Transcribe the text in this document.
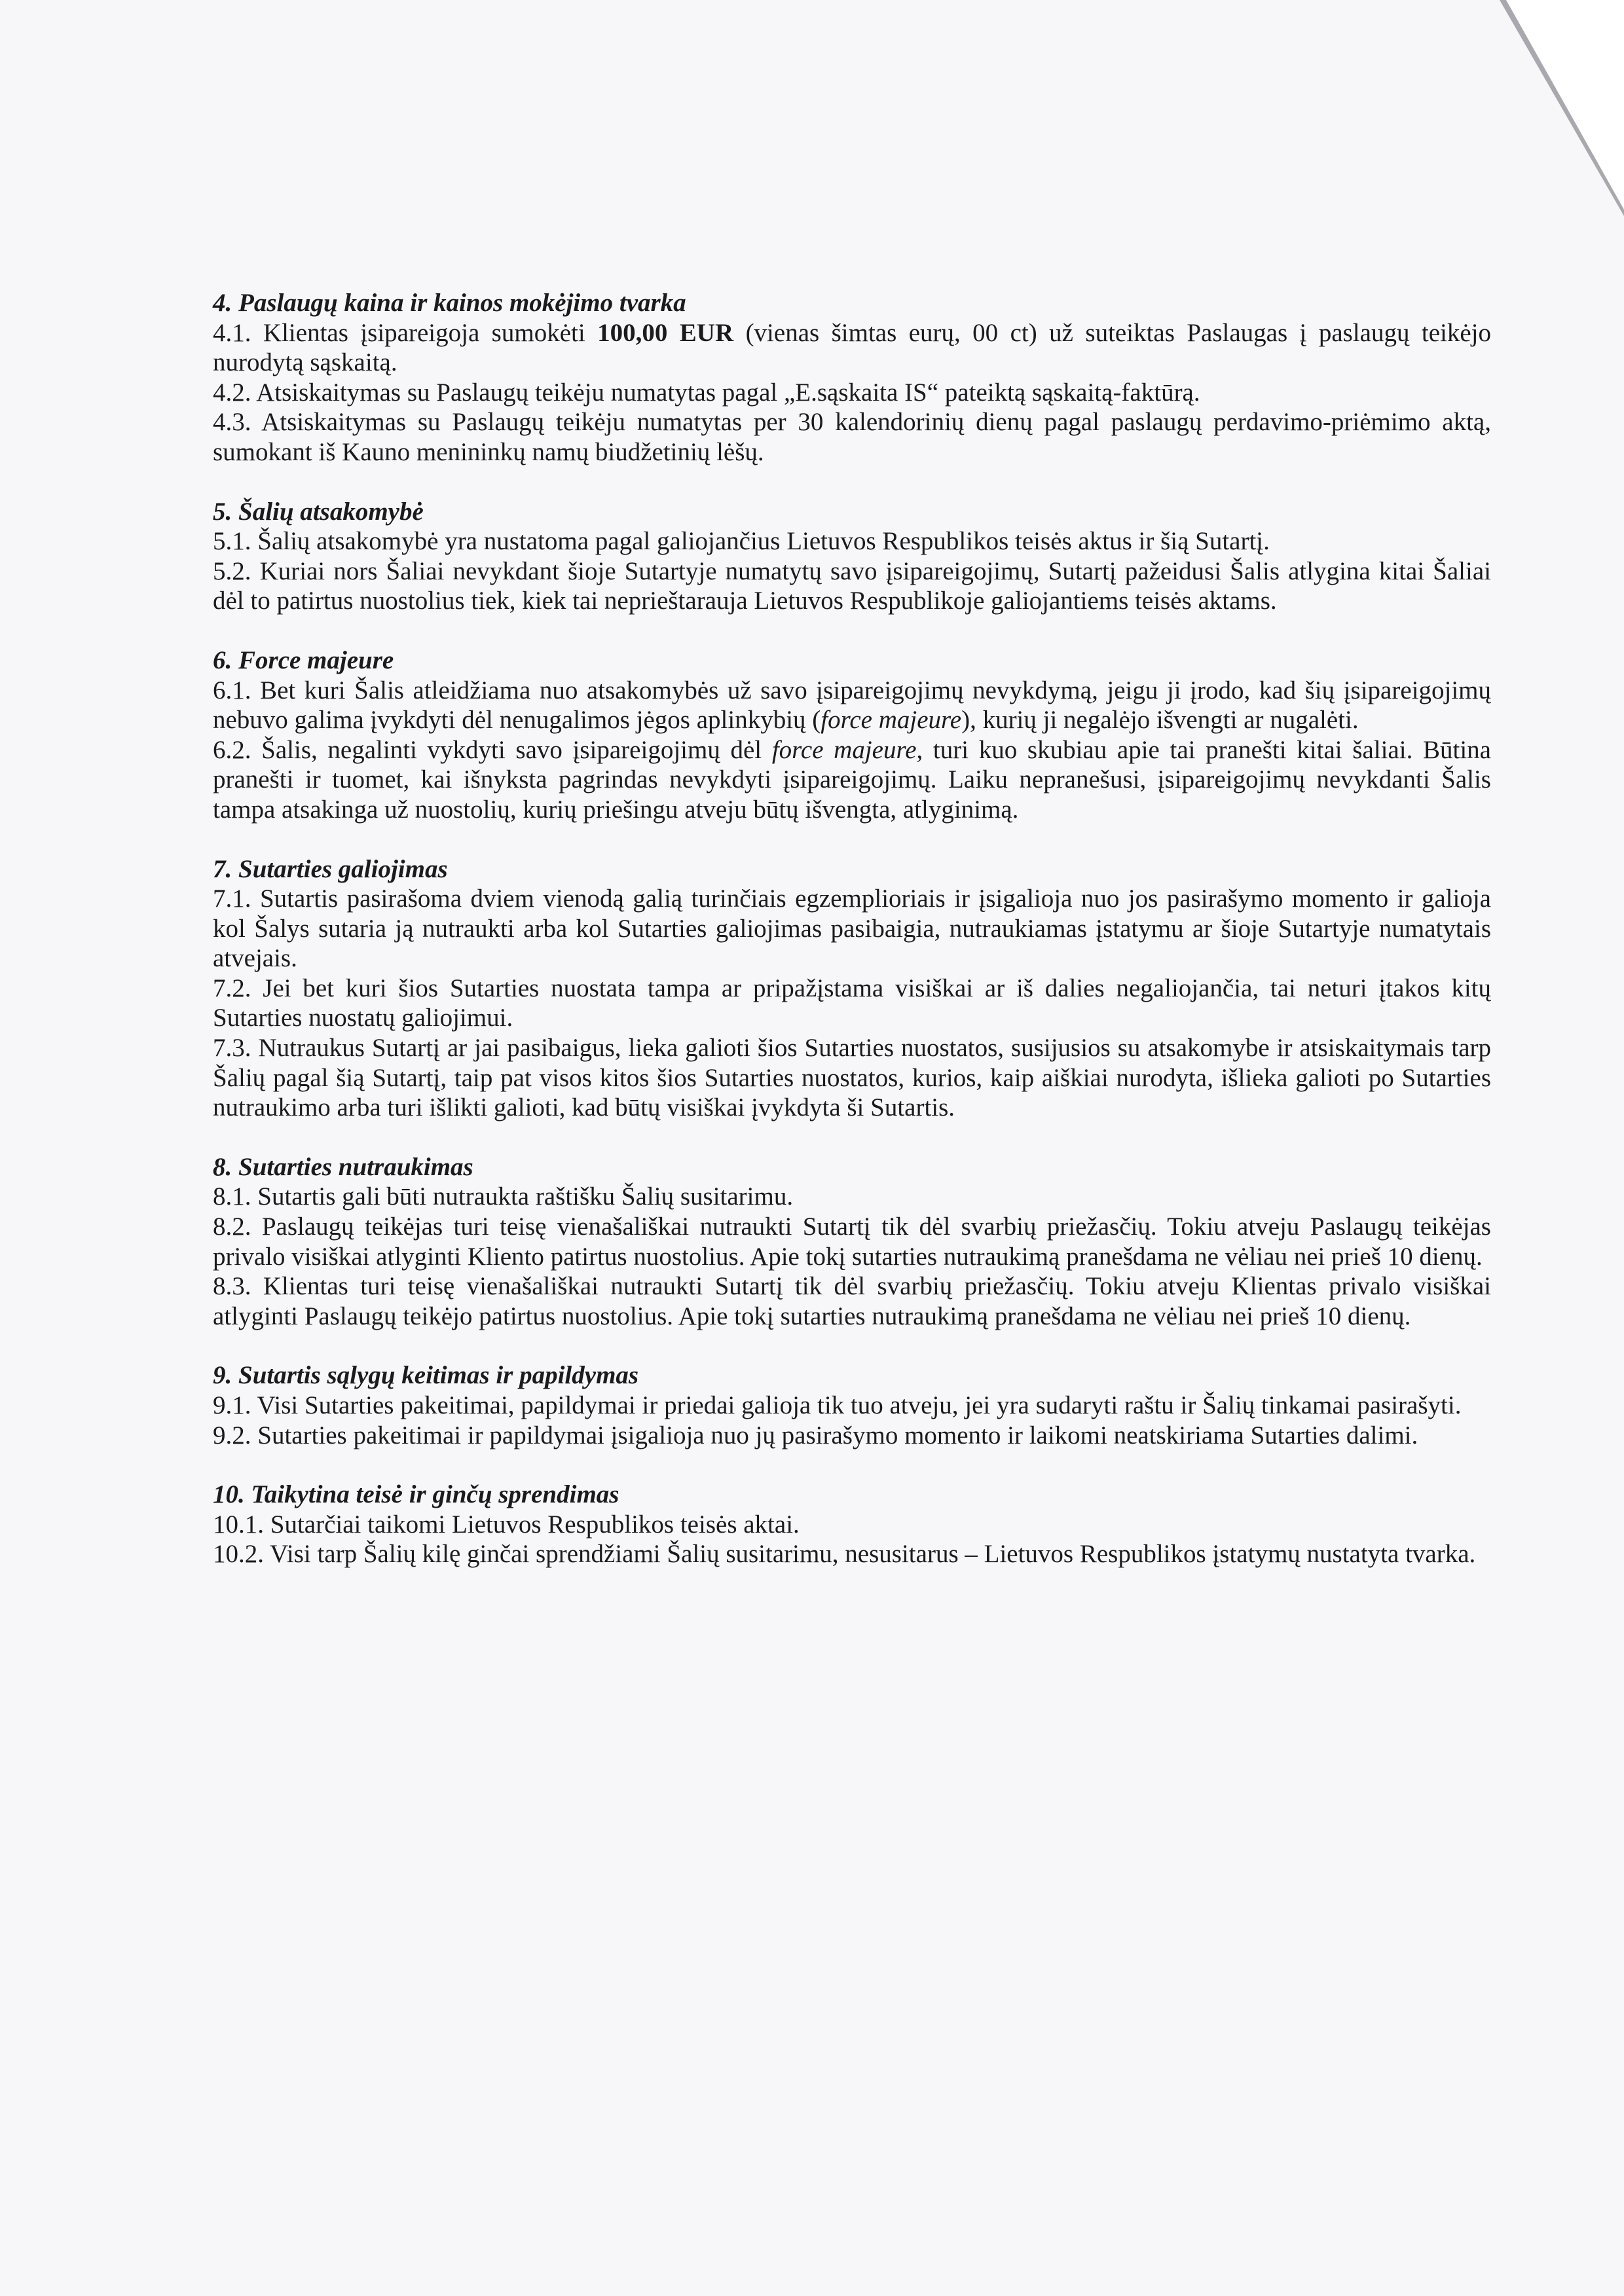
4. Paslaugų kaina ir kainos mokėjimo tvarka

4.1. Klientas įsipareigoja sumokėti 100,00 EUR (vienas šimtas eurų, 00 ct) už suteiktas Paslaugas į paslaugų teikėjo nurodytą sąskaitą.

4.2. Atsiskaitymas su Paslaugų teikėju numatytas pagal „E.sąskaita IS“ pateiktą sąskaitą-faktūrą.

4.3. Atsiskaitymas su Paslaugų teikėju numatytas per 30 kalendorinių dienų pagal paslaugų perdavimo-priėmimo aktą, sumokant iš Kauno menininkų namų biudžetinių lėšų.

5. Šalių atsakomybė

5.1. Šalių atsakomybė yra nustatoma pagal galiojančius Lietuvos Respublikos teisės aktus ir šią Sutartį.

5.2. Kuriai nors Šaliai nevykdant šioje Sutartyje numatytų savo įsipareigojimų, Sutartį pažeidusi Šalis atlygina kitai Šaliai dėl to patirtus nuostolius tiek, kiek tai neprieštarauja Lietuvos Respublikoje galiojantiems teisės aktams.

6. Force majeure

6.1. Bet kuri Šalis atleidžiama nuo atsakomybės už savo įsipareigojimų nevykdymą, jeigu ji įrodo, kad šių įsipareigojimų nebuvo galima įvykdyti dėl nenugalimos jėgos aplinkybių (force majeure), kurių ji negalėjo išvengti ar nugalėti.

6.2. Šalis, negalinti vykdyti savo įsipareigojimų dėl force majeure, turi kuo skubiau apie tai pranešti kitai šaliai. Būtina pranešti ir tuomet, kai išnyksta pagrindas nevykdyti įsipareigojimų. Laiku nepranešusi, įsipareigojimų nevykdanti Šalis tampa atsakinga už nuostolių, kurių priešingu atveju būtų išvengta, atlyginimą.

7. Sutarties galiojimas

7.1. Sutartis pasirašoma dviem vienodą galią turinčiais egzemplioriais ir įsigalioja nuo jos pasirašymo momento ir galioja kol Šalys sutaria ją nutraukti arba kol Sutarties galiojimas pasibaigia, nutraukiamas įstatymu ar šioje Sutartyje numatytais atvejais.

7.2. Jei bet kuri šios Sutarties nuostata tampa ar pripažįstama visiškai ar iš dalies negaliojančia, tai neturi įtakos kitų Sutarties nuostatų galiojimui.

7.3. Nutraukus Sutartį ar jai pasibaigus, lieka galioti šios Sutarties nuostatos, susijusios su atsakomybe ir atsiskaitymais tarp Šalių pagal šią Sutartį, taip pat visos kitos šios Sutarties nuostatos, kurios, kaip aiškiai nurodyta, išlieka galioti po Sutarties nutraukimo arba turi išlikti galioti, kad būtų visiškai įvykdyta ši Sutartis.

8. Sutarties nutraukimas

8.1. Sutartis gali būti nutraukta raštišku Šalių susitarimu.

8.2. Paslaugų teikėjas turi teisę vienašališkai nutraukti Sutartį tik dėl svarbių priežasčių. Tokiu atveju Paslaugų teikėjas privalo visiškai atlyginti Kliento patirtus nuostolius. Apie tokį sutarties nutraukimą pranešdama ne vėliau nei prieš 10 dienų.

8.3. Klientas turi teisę vienašališkai nutraukti Sutartį tik dėl svarbių priežasčių. Tokiu atveju Klientas privalo visiškai atlyginti Paslaugų teikėjo patirtus nuostolius. Apie tokį sutarties nutraukimą pranešdama ne vėliau nei prieš 10 dienų.

9. Sutartis sąlygų keitimas ir papildymas

9.1. Visi Sutarties pakeitimai, papildymai ir priedai galioja tik tuo atveju, jei yra sudaryti raštu ir Šalių tinkamai pasirašyti.

9.2. Sutarties pakeitimai ir papildymai įsigalioja nuo jų pasirašymo momento ir laikomi neatskiriama Sutarties dalimi.

10. Taikytina teisė ir ginčų sprendimas

10.1. Sutarčiai taikomi Lietuvos Respublikos teisės aktai.

10.2. Visi tarp Šalių kilę ginčai sprendžiami Šalių susitarimu, nesusitarus – Lietuvos Respublikos įstatymų nustatyta tvarka.
